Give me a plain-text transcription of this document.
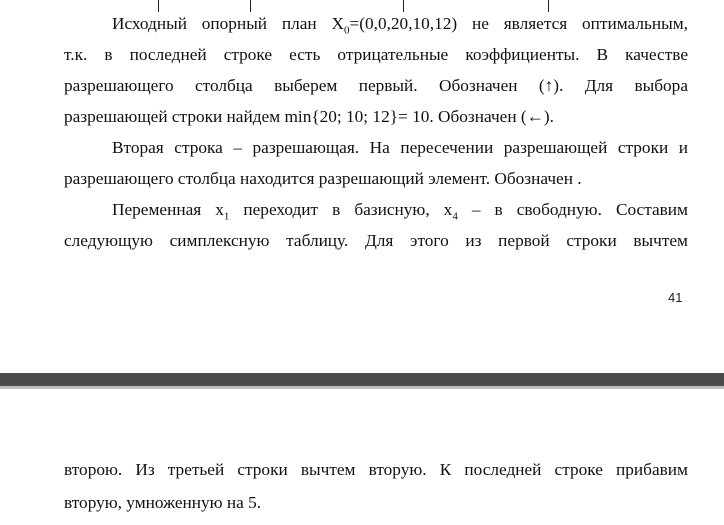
Исходный опорный план $X_0=(0,0,20,10,12)$ не является оптимальным,

т.к. в последней строке есть отрицательные коэффициенты. В качестве

разрешающего столбца выберем первый. Обозначен (↑). Для выбора

разрешающей строки найдем min{20; 10; 12}= 10. Обозначен (←).

Вторая строка – разрешающая. На пересечении разрешающей строки и

разрешающего столбца находится разрешающий элемент. Обозначен .

Переменная $x_1$ переходит в базисную, $x_4$ – в свободную. Составим

следующую симплексную таблицу. Для этого из первой строки вычтем

41

второю. Из третьей строки вычтем вторую. К последней строке прибавим

вторую, умноженную на 5.
